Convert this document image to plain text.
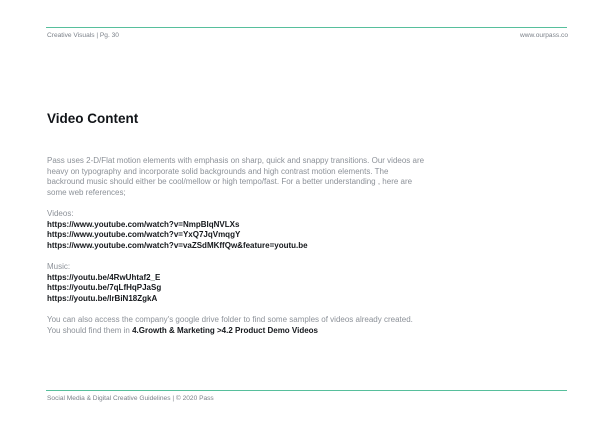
Creative Visuals | Pg. 30	www.ourpass.co
Video Content

Pass uses 2-D/Flat motion elements with emphasis on sharp, quick and snappy transitions. Our videos are

heavy on typography and incorporate solid backgrounds and high contrast motion elements. The

backround music should either be cool/mellow or high tempo/fast. For a better understanding , here are

some web references;

Videos:
https://www.youtube.com/watch?v=NmpBIqNVLXs
https://www.youtube.com/watch?v=YxQ7JqVmqgY
https://www.youtube.com/watch?v=vaZSdMKffQw&feature=youtu.be
Music:
https://youtu.be/4RwUhtaf2_E
https://youtu.be/7qLfHqPJaSg
https://youtu.be/lrBiN18ZgkA

You can also access the company's google drive folder to find some samples of videos already created.

You should find them in 4.Growth & Marketing >4.2 Product Demo Videos

Social Media & Digital Creative Guidelines | © 2020 Pass
